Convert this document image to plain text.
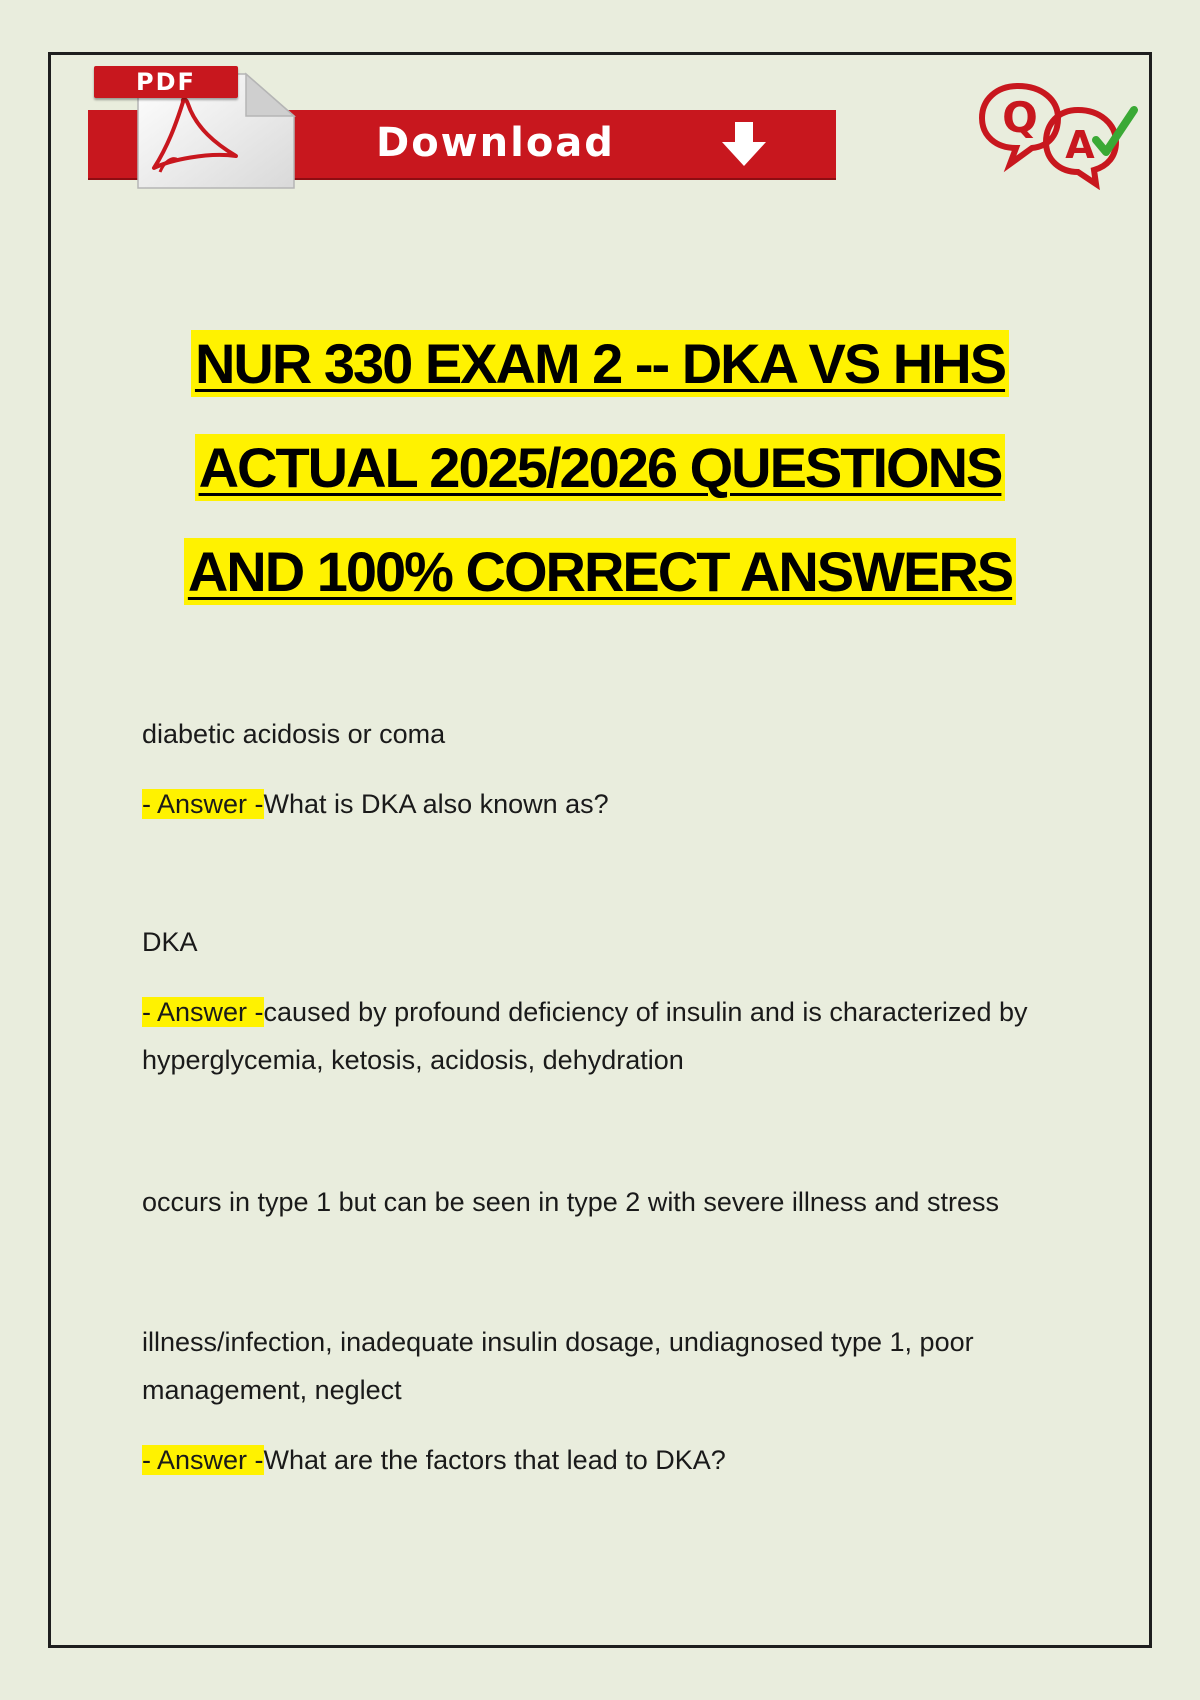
Download
PDF
Q
A
NUR 330 EXAM 2 -- DKA VS HHS
ACTUAL 2025/2026 QUESTIONS
AND 100% CORRECT ANSWERS

diabetic acidosis or coma

- Answer -What is DKA also known as?

DKA

- Answer -caused by profound deficiency of insulin and is characterized by hyperglycemia, ketosis, acidosis, dehydration

occurs in type 1 but can be seen in type 2 with severe illness and stress

illness/infection, inadequate insulin dosage, undiagnosed type 1, poor management, neglect

- Answer -What are the factors that lead to DKA?
